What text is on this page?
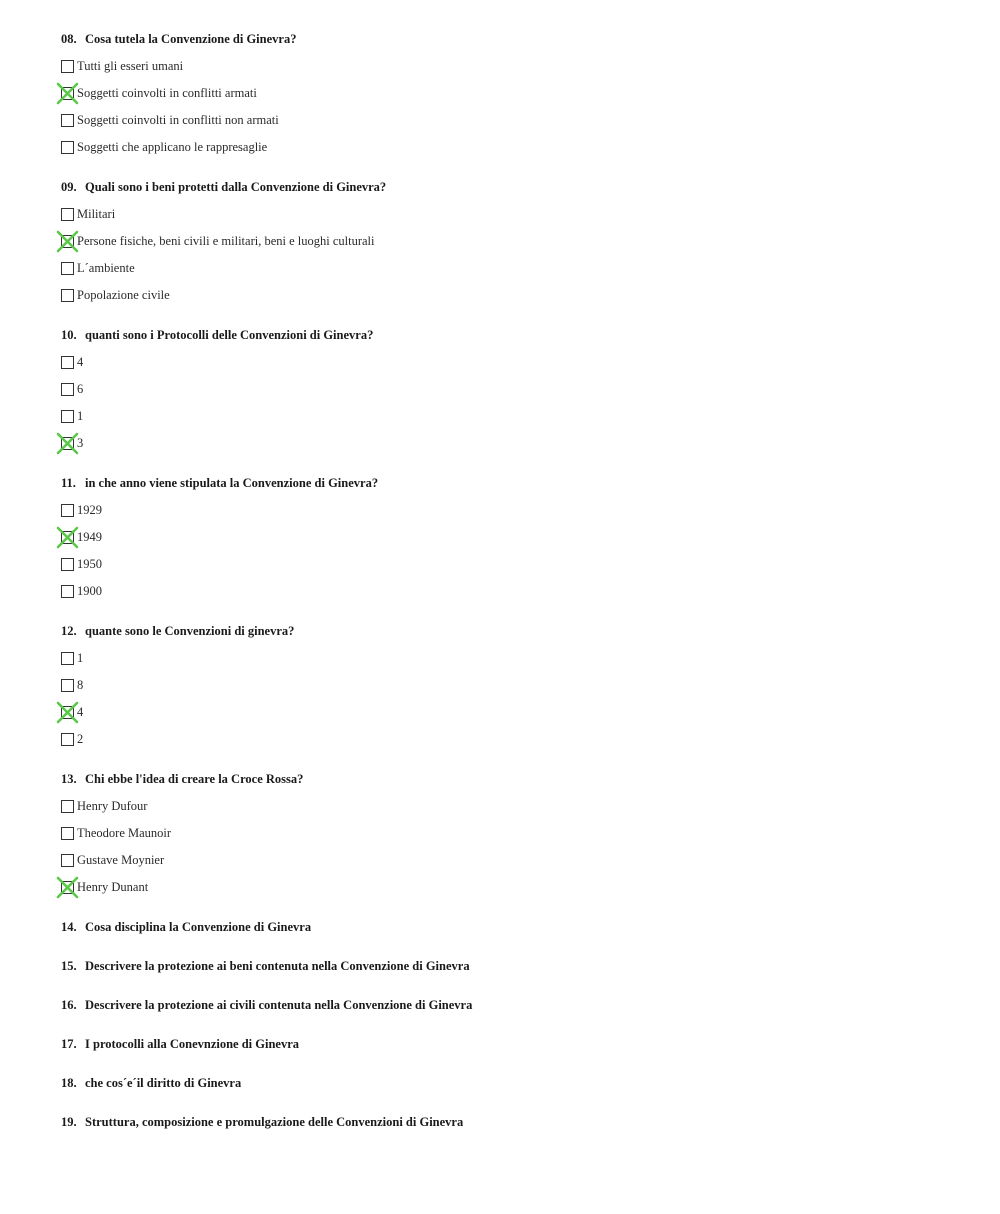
08. Cosa tutela la Convenzione di Ginevra?
Tutti gli esseri umani
Soggetti coinvolti in conflitti armati
Soggetti coinvolti in conflitti non armati
Soggetti che applicano le rappresaglie
09. Quali sono i beni protetti dalla Convenzione di Ginevra?
Militari
Persone fisiche, beni civili e militari, beni e luoghi culturali
L´ambiente
Popolazione civile
10. quanti sono i Protocolli delle Convenzioni di Ginevra?
4
6
1
3
11. in che anno viene stipulata la Convenzione di Ginevra?
1929
1949
1950
1900
12. quante sono le Convenzioni di ginevra?
1
8
4
2
13. Chi ebbe l'idea di creare la Croce Rossa?
Henry Dufour
Theodore Maunoir
Gustave Moynier
Henry Dunant
14. Cosa disciplina la Convenzione di Ginevra
15. Descrivere la protezione ai beni contenuta nella Convenzione di Ginevra
16. Descrivere la protezione ai civili contenuta nella Convenzione di Ginevra
17. I protocolli alla Conevnzione di Ginevra
18. che cos´e´il diritto di Ginevra
19. Struttura, composizione e promulgazione delle Convenzioni di Ginevra
